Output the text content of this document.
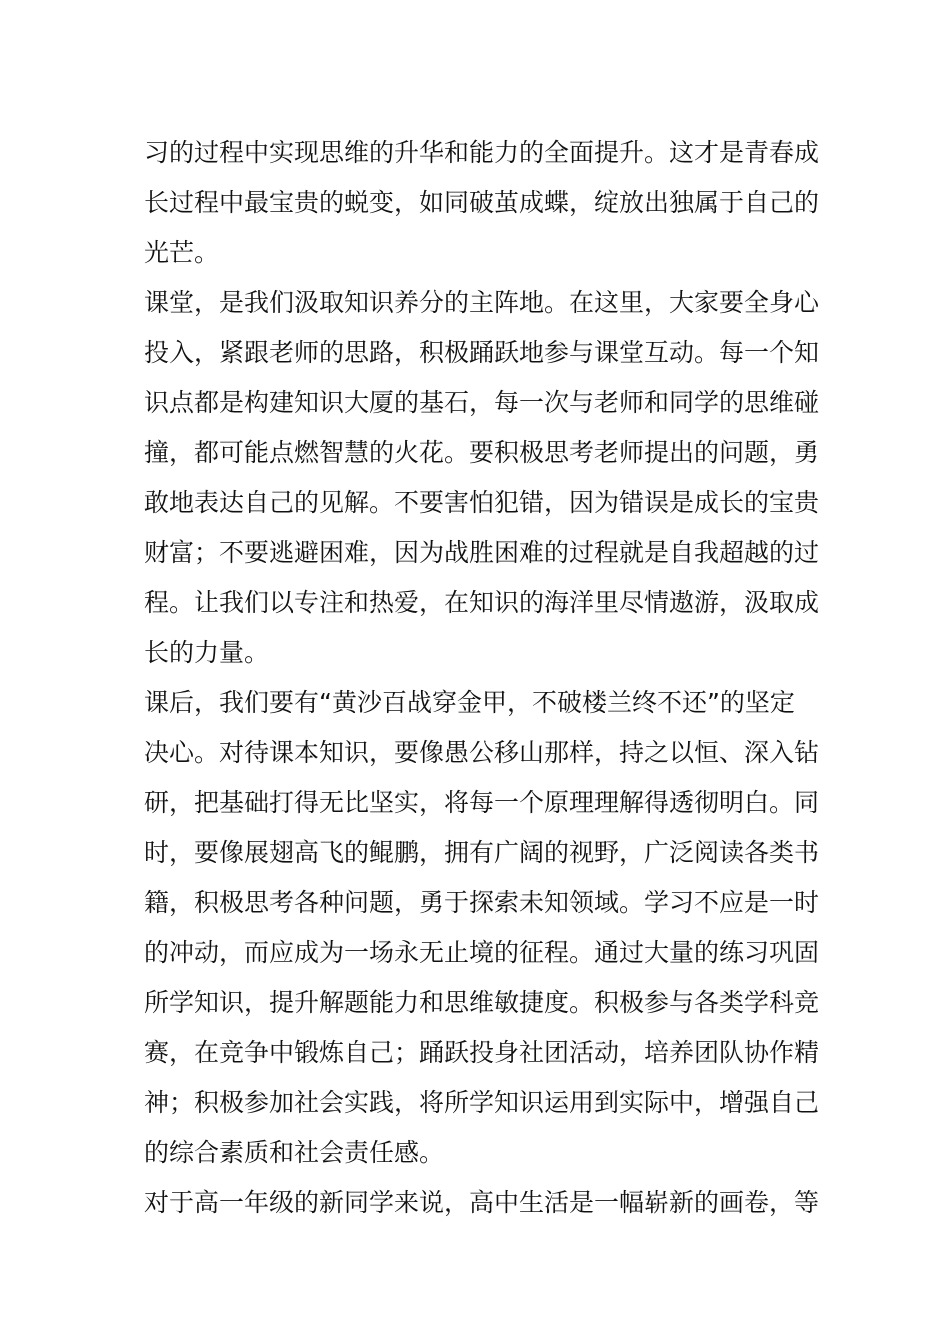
习的过程中实现思维的升华和能力的全面提升。这才是青春成
长过程中最宝贵的蜕变，如同破茧成蝶，绽放出独属于自己的
光芒。
课堂，是我们汲取知识养分的主阵地。在这里，大家要全身心
投入，紧跟老师的思路，积极踊跃地参与课堂互动。每一个知
识点都是构建知识大厦的基石，每一次与老师和同学的思维碰
撞，都可能点燃智慧的火花。要积极思考老师提出的问题，勇
敢地表达自己的见解。不要害怕犯错，因为错误是成长的宝贵
财富；不要逃避困难，因为战胜困难的过程就是自我超越的过
程。让我们以专注和热爱，在知识的海洋里尽情遨游，汲取成
长的力量。
课后，我们要有“黄沙百战穿金甲，不破楼兰终不还”的坚定
决心。对待课本知识，要像愚公移山那样，持之以恒、深入钻
研，把基础打得无比坚实，将每一个原理理解得透彻明白。同
时，要像展翅高飞的鲲鹏，拥有广阔的视野，广泛阅读各类书
籍，积极思考各种问题，勇于探索未知领域。学习不应是一时
的冲动，而应成为一场永无止境的征程。通过大量的练习巩固
所学知识，提升解题能力和思维敏捷度。积极参与各类学科竞
赛，在竞争中锻炼自己；踊跃投身社团活动，培养团队协作精
神；积极参加社会实践，将所学知识运用到实际中，增强自己
的综合素质和社会责任感。
对于高一年级的新同学来说，高中生活是一幅崭新的画卷，等
